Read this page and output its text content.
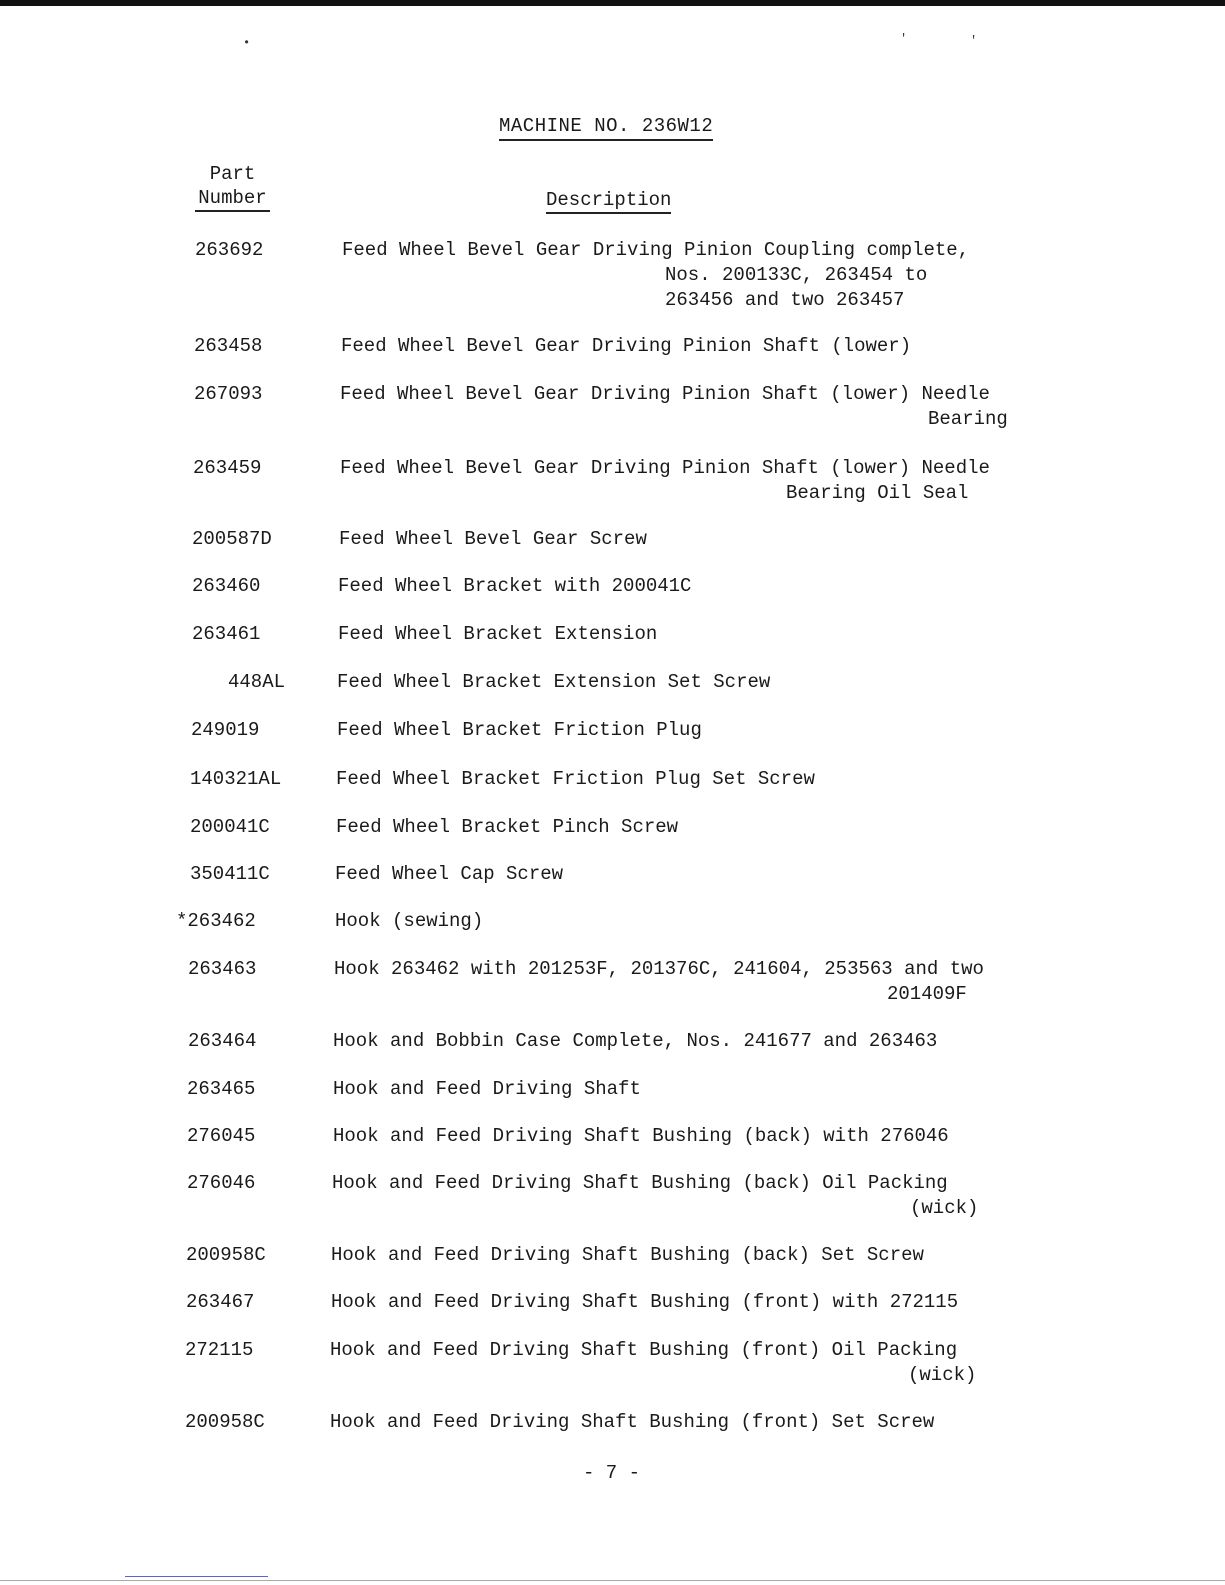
•	'	'
MACHINE NO. 236W12
Part
Number	Description
263692	Feed Wheel Bevel Gear Driving Pinion Coupling complete,
Nos. 200133C, 263454 to
263456 and two 263457
263458	Feed Wheel Bevel Gear Driving Pinion Shaft (lower)
267093	Feed Wheel Bevel Gear Driving Pinion Shaft (lower) Needle
Bearing
263459	Feed Wheel Bevel Gear Driving Pinion Shaft (lower) Needle
Bearing Oil Seal
200587D	Feed Wheel Bevel Gear Screw
263460	Feed Wheel Bracket with 200041C
263461	Feed Wheel Bracket Extension
448AL	Feed Wheel Bracket Extension Set Screw
249019	Feed Wheel Bracket Friction Plug
140321AL	Feed Wheel Bracket Friction Plug Set Screw
200041C	Feed Wheel Bracket Pinch Screw
350411C	Feed Wheel Cap Screw
*263462	Hook (sewing)
263463	Hook 263462 with 201253F, 201376C, 241604, 253563 and two
201409F
263464	Hook and Bobbin Case Complete, Nos. 241677 and 263463
263465	Hook and Feed Driving Shaft
276045	Hook and Feed Driving Shaft Bushing (back) with 276046
276046	Hook and Feed Driving Shaft Bushing (back) Oil Packing
(wick)
200958C	Hook and Feed Driving Shaft Bushing (back) Set Screw
263467	Hook and Feed Driving Shaft Bushing (front) with 272115
272115	Hook and Feed Driving Shaft Bushing (front) Oil Packing
(wick)
200958C	Hook and Feed Driving Shaft Bushing (front) Set Screw
- 7 -
